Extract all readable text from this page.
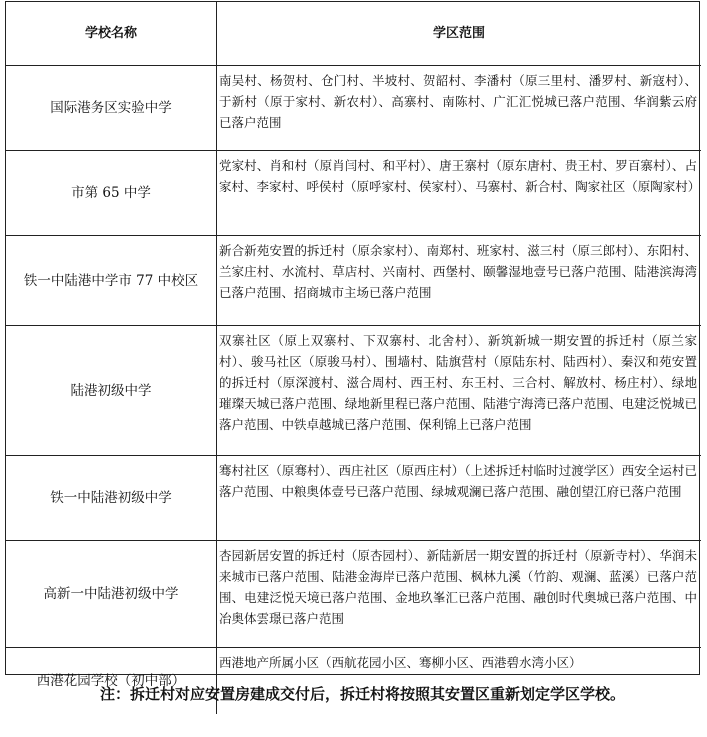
学校名称	学区范围
国际港务区实验中学
南吴村、杨贺村、仓门村、半坡村、贺韶村、李潘村（原三里村、潘罗村、新寇村）、于新村（原于家村、新农村）、高寨村、南陈村、广汇汇悦城已落户范围、华润紫云府已落户范围
市第 65 中学
党家村、肖和村（原肖闫村、和平村）、唐王寨村（原东唐村、贵王村、罗百寨村）、占家村、李家村、呼侯村（原呼家村、侯家村）、马寨村、新合村、陶家社区（原陶家村）
铁一中陆港中学市 77 中校区
新合新苑安置的拆迁村（原余家村）、南郑村、班家村、滋三村（原三郎村）、东阳村、兰家庄村、水流村、草店村、兴南村、西堡村、颐馨湿地壹号已落户范围、陆港滨海湾已落户范围、招商城市主场已落户范围
陆港初级中学
双寨社区（原上双寨村、下双寨村、北舍村）、新筑新城一期安置的拆迁村（原兰家村）、骏马社区（原骏马村）、围墙村、陆旗营村（原陆东村、陆西村）、秦汉和苑安置的拆迁村（原深渡村、滋合周村、西王村、东王村、三合村、解放村、杨庄村）、绿地璀璨天城已落户范围、绿地新里程已落户范围、陆港宁海湾已落户范围、电建泛悦城已落户范围、中铁卓越城已落户范围、保利锦上已落户范围
铁一中陆港初级中学
骞村社区（原骞村）、西庄社区（原西庄村）（上述拆迁村临时过渡学区）西安全运村已落户范围、中粮奥体壹号已落户范围、绿城观澜已落户范围、融创望江府已落户范围
高新一中陆港初级中学
杏园新居安置的拆迁村（原杏园村）、新陆新居一期安置的拆迁村（原新寺村）、华润未来城市已落户范围、陆港金海岸已落户范围、枫林九溪（竹韵、观澜、蓝溪）已落户范围、电建泛悦天境已落户范围、金地玖峯汇已落户范围、融创时代奥城已落户范围、中冶奥体雲璟已落户范围
西港花园学校（初中部）
西港地产所属小区（西航花园小区、骞柳小区、西港碧水湾小区）
注：拆迁村对应安置房建成交付后，拆迁村将按照其安置区重新划定学区学校。
